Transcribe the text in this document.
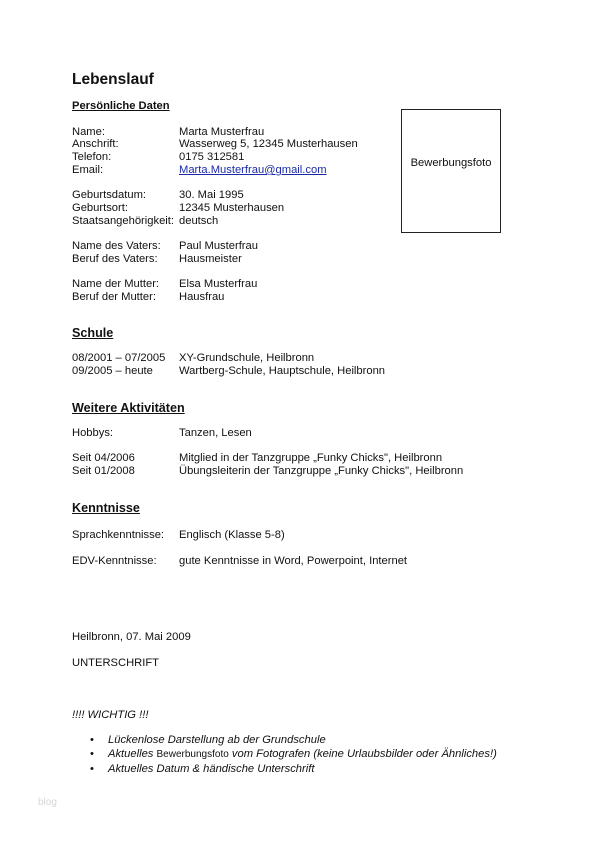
Lebenslauf
Persönliche Daten
Name:	Marta Musterfrau
Anschrift:	Wasserweg 5, 12345 Musterhausen
Telefon:	0175 312581
Email:	Marta.Musterfrau@gmail.com
Geburtsdatum:	30. Mai 1995
Geburtsort:	12345 Musterhausen
Staatsangehörigkeit: deutsch
Name des Vaters: Paul Musterfrau
Beruf des Vaters: Hausmeister
Name der Mutter: Elsa Musterfrau
Beruf der Mutter: Hausfrau
Bewerbungsfoto
Schule
08/2001 – 07/2005 XY-Grundschule, Heilbronn
09/2005 – heute Wartberg-Schule, Hauptschule, Heilbronn
Weitere Aktivitäten
Hobbys:	Tanzen, Lesen
Seit 04/2006	Mitglied in der Tanzgruppe „Funky Chicks", Heilbronn
Seit 01/2008	Übungsleiterin der Tanzgruppe „Funky Chicks", Heilbronn
Kenntnisse
Sprachkenntnisse: Englisch (Klasse 5-8)
EDV-Kenntnisse: gute Kenntnisse in Word, Powerpoint, Internet
Heilbronn, 07. Mai 2009
UNTERSCHRIFT
!!!! WICHTIG !!!
• Lückenlose Darstellung ab der Grundschule
• Aktuelles Bewerbungsfoto vom Fotografen (keine Urlaubsbilder oder Ähnliches!)
• Aktuelles Datum & händische Unterschrift
blog
